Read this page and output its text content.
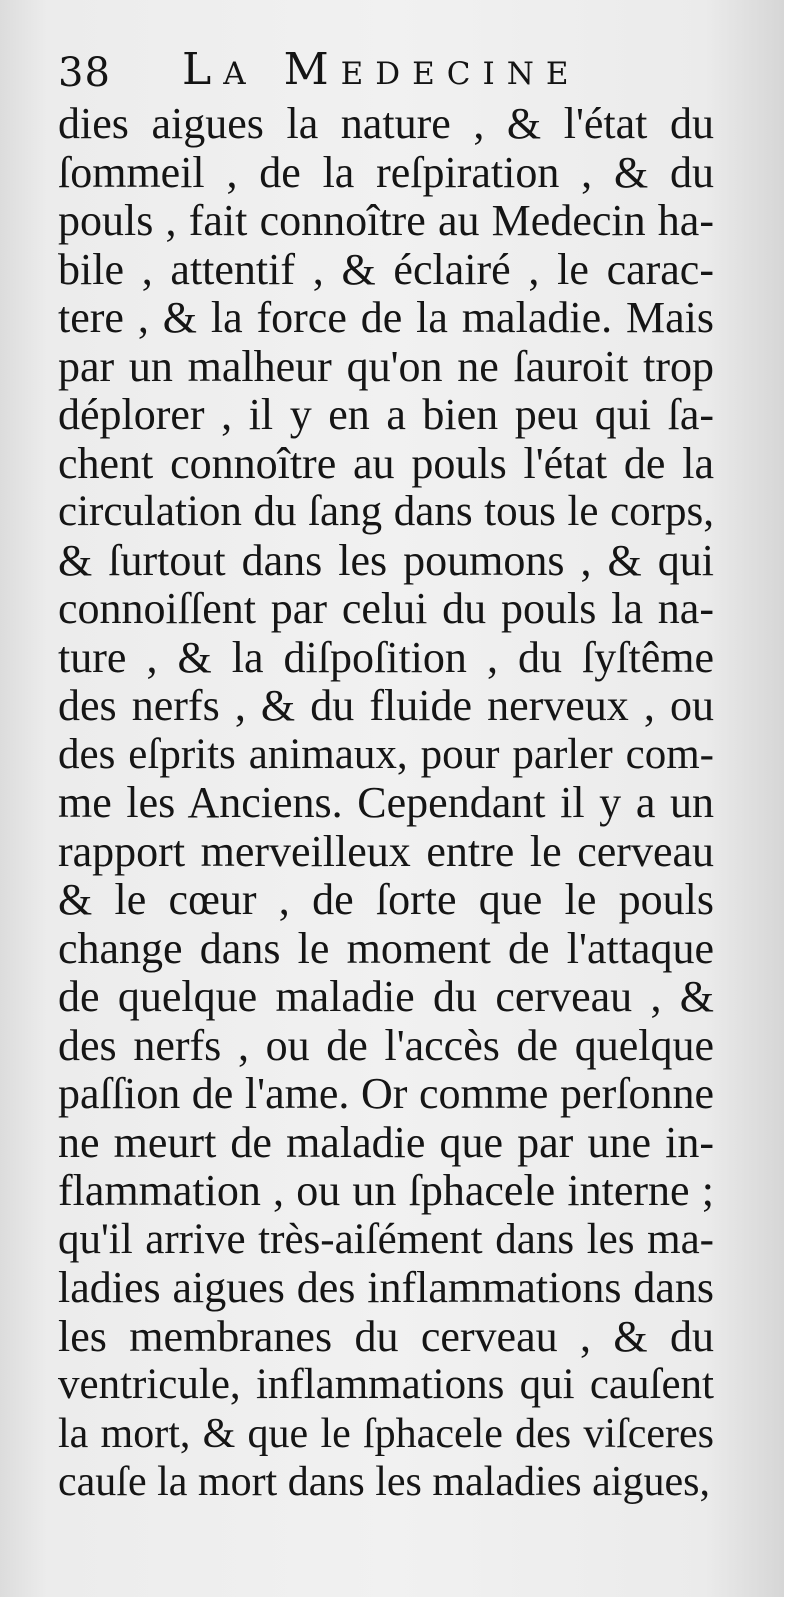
38 La Medecine
dies aigues la nature , & l'état du
ſommeil , de la reſpiration , & du
pouls , fait connoître au Medecin ha-
bile , attentif , & éclairé , le carac-
tere , & la force de la maladie. Mais
par un malheur qu'on ne ſauroit trop
déplorer , il y en a bien peu qui ſa-
chent connoître au pouls l'état de la
circulation du ſang dans tous le corps,
& ſurtout dans les poumons , & qui
connoiſſent par celui du pouls la na-
ture , & la diſpoſition , du ſyſtême
des nerfs , & du fluide nerveux , ou
des eſprits animaux, pour parler com-
me les Anciens. Cependant il y a un
rapport merveilleux entre le cerveau
& le cœur , de ſorte que le pouls
change dans le moment de l'attaque
de quelque maladie du cerveau , &
des nerfs , ou de l'accès de quelque
paſſion de l'ame. Or comme perſonne
ne meurt de maladie que par une in-
flammation , ou un ſphacele interne ;
qu'il arrive très-aiſément dans les ma-
ladies aigues des inflammations dans
les membranes du cerveau , & du
ventricule, inflammations qui cauſent
la mort, & que le ſphacele des viſceres
cauſe la mort dans les maladies aigues,
